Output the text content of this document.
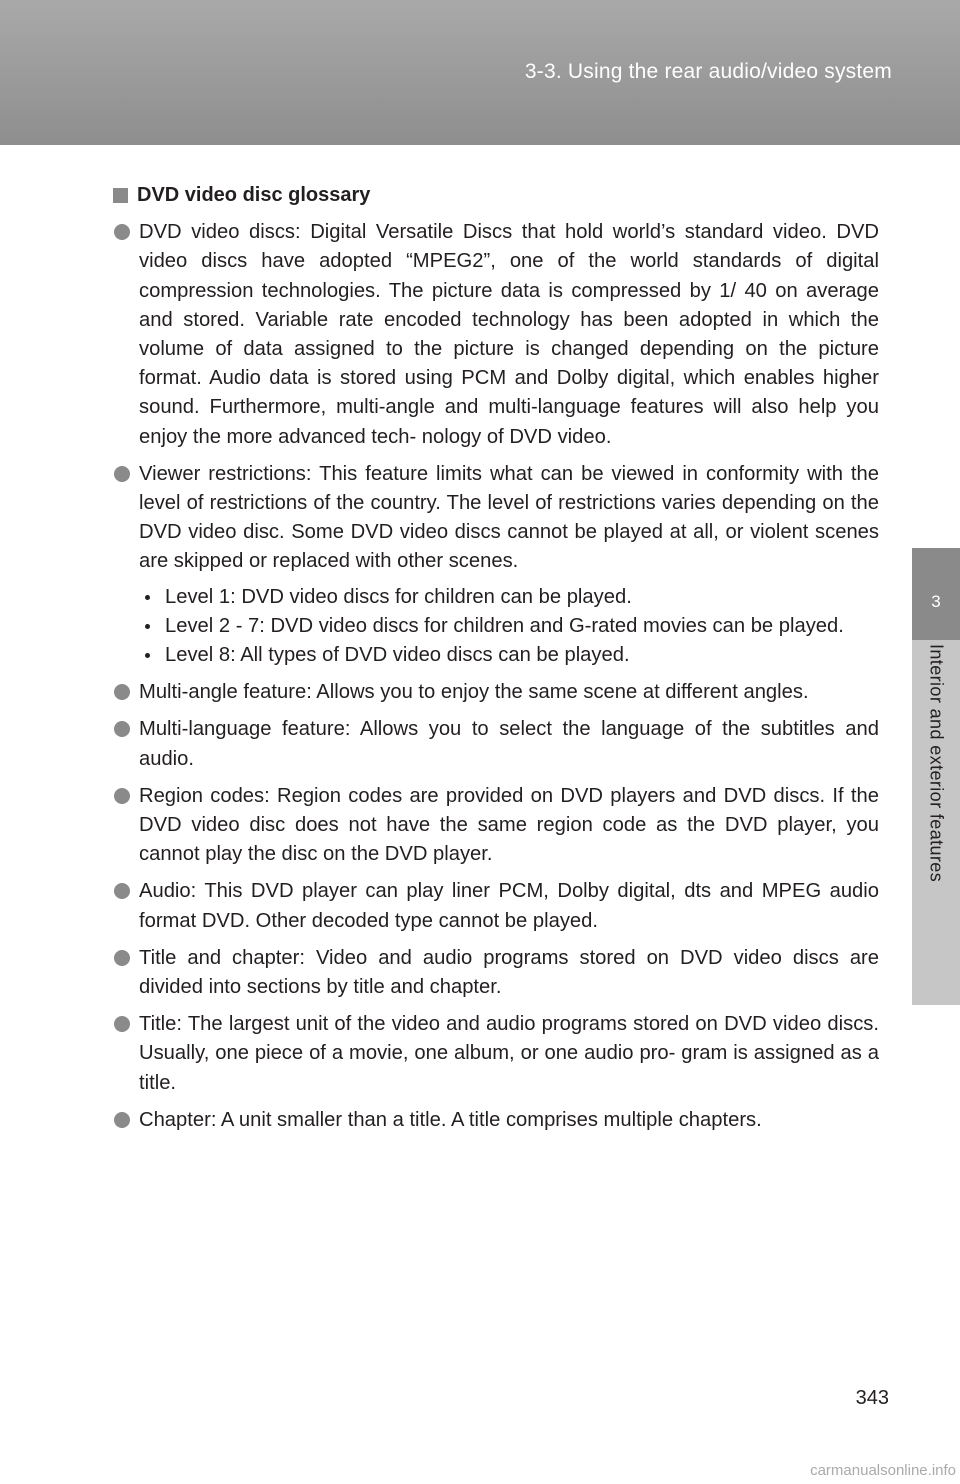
3-3. Using the rear audio/video system
3
Interior and exterior features
DVD video disc glossary
DVD video discs: Digital Versatile Discs that hold world’s standard video. DVD video discs have adopted “MPEG2”, one of the world standards of digital compression technologies. The picture data is compressed by 1/ 40 on average and stored. Variable rate encoded technology has been adopted in which the volume of data assigned to the picture is changed depending on the picture format. Audio data is stored using PCM and Dolby digital, which enables higher sound. Furthermore, multi-angle and multi-language features will also help you enjoy the more advanced tech- nology of DVD video.
Viewer restrictions: This feature limits what can be viewed in conformity with the level of restrictions of the country. The level of restrictions varies depending on the DVD video disc. Some DVD video discs cannot be played at all, or violent scenes are skipped or replaced with other scenes.
Level 1: DVD video discs for children can be played.
Level 2 - 7: DVD video discs for children and G-rated movies can be played.
Level 8: All types of DVD video discs can be played.
Multi-angle feature: Allows you to enjoy the same scene at different angles.
Multi-language feature: Allows you to select the language of the subtitles and audio.
Region codes: Region codes are provided on DVD players and DVD discs. If the DVD video disc does not have the same region code as the DVD player, you cannot play the disc on the DVD player.
Audio: This DVD player can play liner PCM, Dolby digital, dts and MPEG audio format DVD. Other decoded type cannot be played.
Title and chapter: Video and audio programs stored on DVD video discs are divided into sections by title and chapter.
Title: The largest unit of the video and audio programs stored on DVD video discs. Usually, one piece of a movie, one album, or one audio pro- gram is assigned as a title.
Chapter: A unit smaller than a title. A title comprises multiple chapters.
343
carmanualsonline.info
